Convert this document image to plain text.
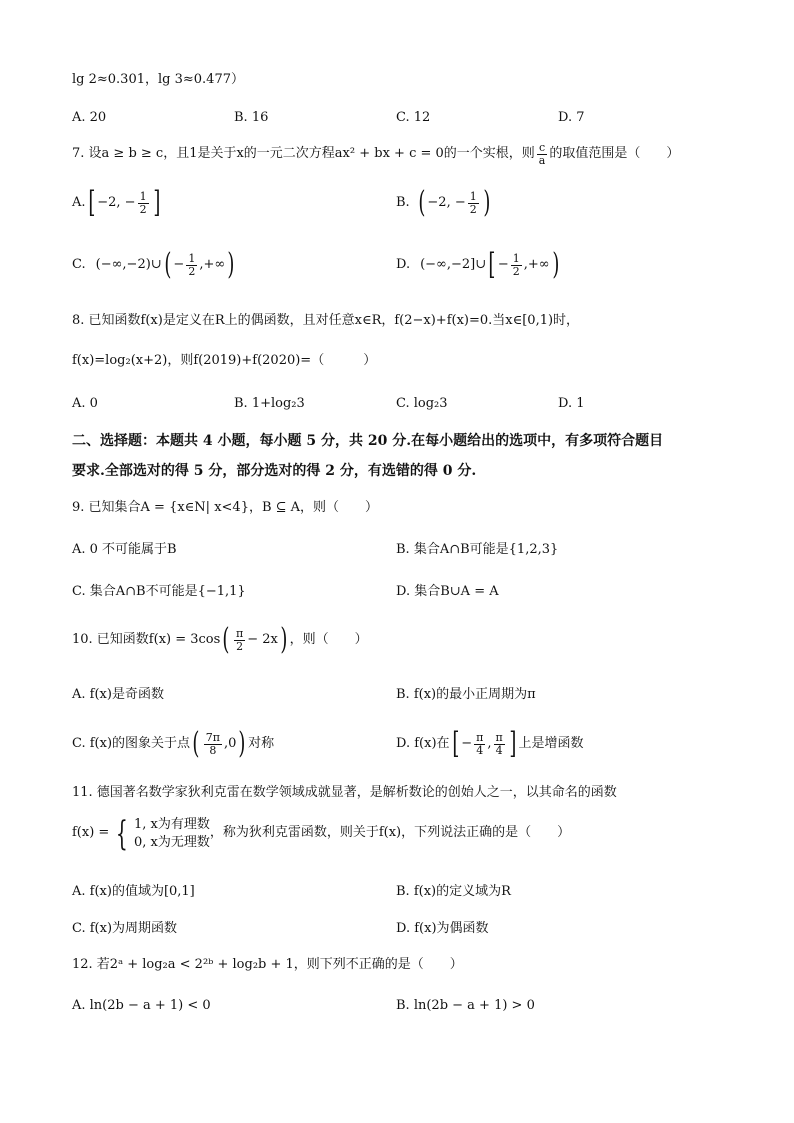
lg 2≈0.301，lg 3≈0.477）
A. 20	B. 16	C. 12	D. 7
7. 设a ≥ b ≥ c，且1是关于x的一元二次方程ax² + bx + c = 0的一个实根，则 $\frac{c}{a}$ 的取值范围是（　　）
A. [ −2, − $\frac{1}{2}$ ]	B. ( −2, − $\frac{1}{2}$ )
C. (−∞,−2)∪ ( − $\frac{1}{2}$ ,+∞ )	D. (−∞,−2]∪ [ − $\frac{1}{2}$ ,+∞ )
8. 已知函数f(x)是定义在R上的偶函数，且对任意x∈R，f(2−x)+f(x)=0.当x∈[0,1)时，
f(x)=log₂(x+2)，则f(2019)+f(2020)=（　　　）
A. 0	B. 1+log₂3	C. log₂3	D. 1
二、选择题：本题共 4 小题，每小题 5 分，共 20 分.在每小题给出的选项中，有多项符合题目
要求.全部选对的得 5 分，部分选对的得 2 分，有选错的得 0 分.
9. 已知集合A = {x∈N| x<4}，B ⊆ A，则（　　）
A. 0 不可能属于B	B. 集合A∩B可能是{1,2,3}
C. 集合A∩B不可能是{−1,1}	D. 集合B∪A = A
10. 已知函数f(x) = 3cos ( $\frac{\pi}{2} - 2x$ ) ，则（　　）
A. f(x)是奇函数	B. f(x)的最小正周期为π
C. f(x)的图象关于点 ( $\frac{7\pi}{8} ,0$ ) 对称	D. f(x)在 [ − $\frac{\pi}{4}$ , $\frac{\pi}{4}$ ] 上是增函数
11. 德国著名数学家狄利克雷在数学领域成就显著，是解析数论的创始人之一，以其命名的函数
f(x) = { 1, x为有理数
0, x为无理数
，称为狄利克雷函数，则关于f(x)，下列说法正确的是（　　）
A. f(x)的值域为[0,1]	B. f(x)的定义域为R
C. f(x)为周期函数	D. f(x)为偶函数
12. 若2ᵃ + log₂a < 2²ᵇ + log₂b + 1，则下列不正确的是（　　）
A. ln(2b − a + 1) < 0	B. ln(2b − a + 1) > 0
